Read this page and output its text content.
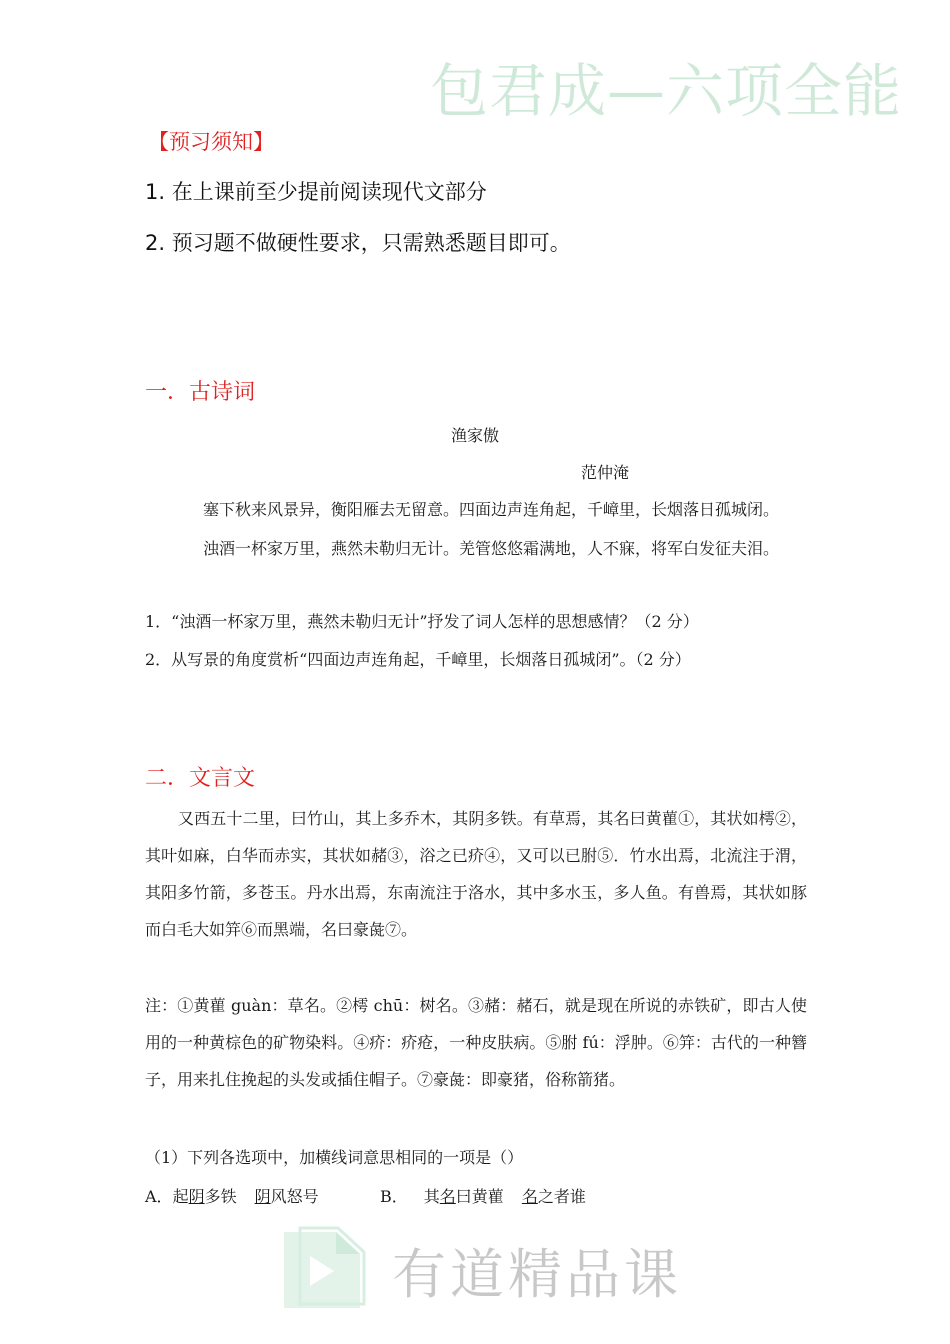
包君成—六项全能
【预习须知】
1. 在上课前至少提前阅读现代文部分
2. 预习题不做硬性要求，只需熟悉题目即可。
一．古诗词
渔家傲
范仲淹
塞下秋来风景异，衡阳雁去无留意。四面边声连角起，千嶂里，长烟落日孤城闭。
浊酒一杯家万里，燕然未勒归无计。羌管悠悠霜满地，人不寐，将军白发征夫泪。
1．“浊酒一杯家万里，燕然未勒归无计”抒发了词人怎样的思想感情？（2 分）
2．从写景的角度赏析“四面边声连角起，千嶂里，长烟落日孤城闭”。（2 分）
二．文言文
又西五十二里，曰竹山，其上多乔木，其阴多铁。有草焉，其名曰黄雚①，其状如樗②，其叶如麻，白华而赤实，其状如赭③，浴之已疥④，又可以已胕⑤．竹水出焉，北流注于渭，其阳多竹箭，多苍玉。丹水出焉，东南流注于洛水，其中多水玉，多人鱼。有兽焉，其状如豚而白毛大如笄⑥而黑端，名曰豪彘⑦。
注：①黄雚 guàn：草名。②樗 chū：树名。③赭：赭石，就是现在所说的赤铁矿，即古人使用的一种黄棕色的矿物染料。④疥：疥疮，一种皮肤病。⑤胕 fú：浮肿。⑥笄：古代的一种簪子，用来扎住挽起的头发或插住帽子。⑦豪彘：即豪猪，俗称箭猪。
（1）下列各选项中，加横线词意思相同的一项是（）
A．起阴多铁 阴风怒号	B． 其名曰黄雚 名之者谁
有道精品课
